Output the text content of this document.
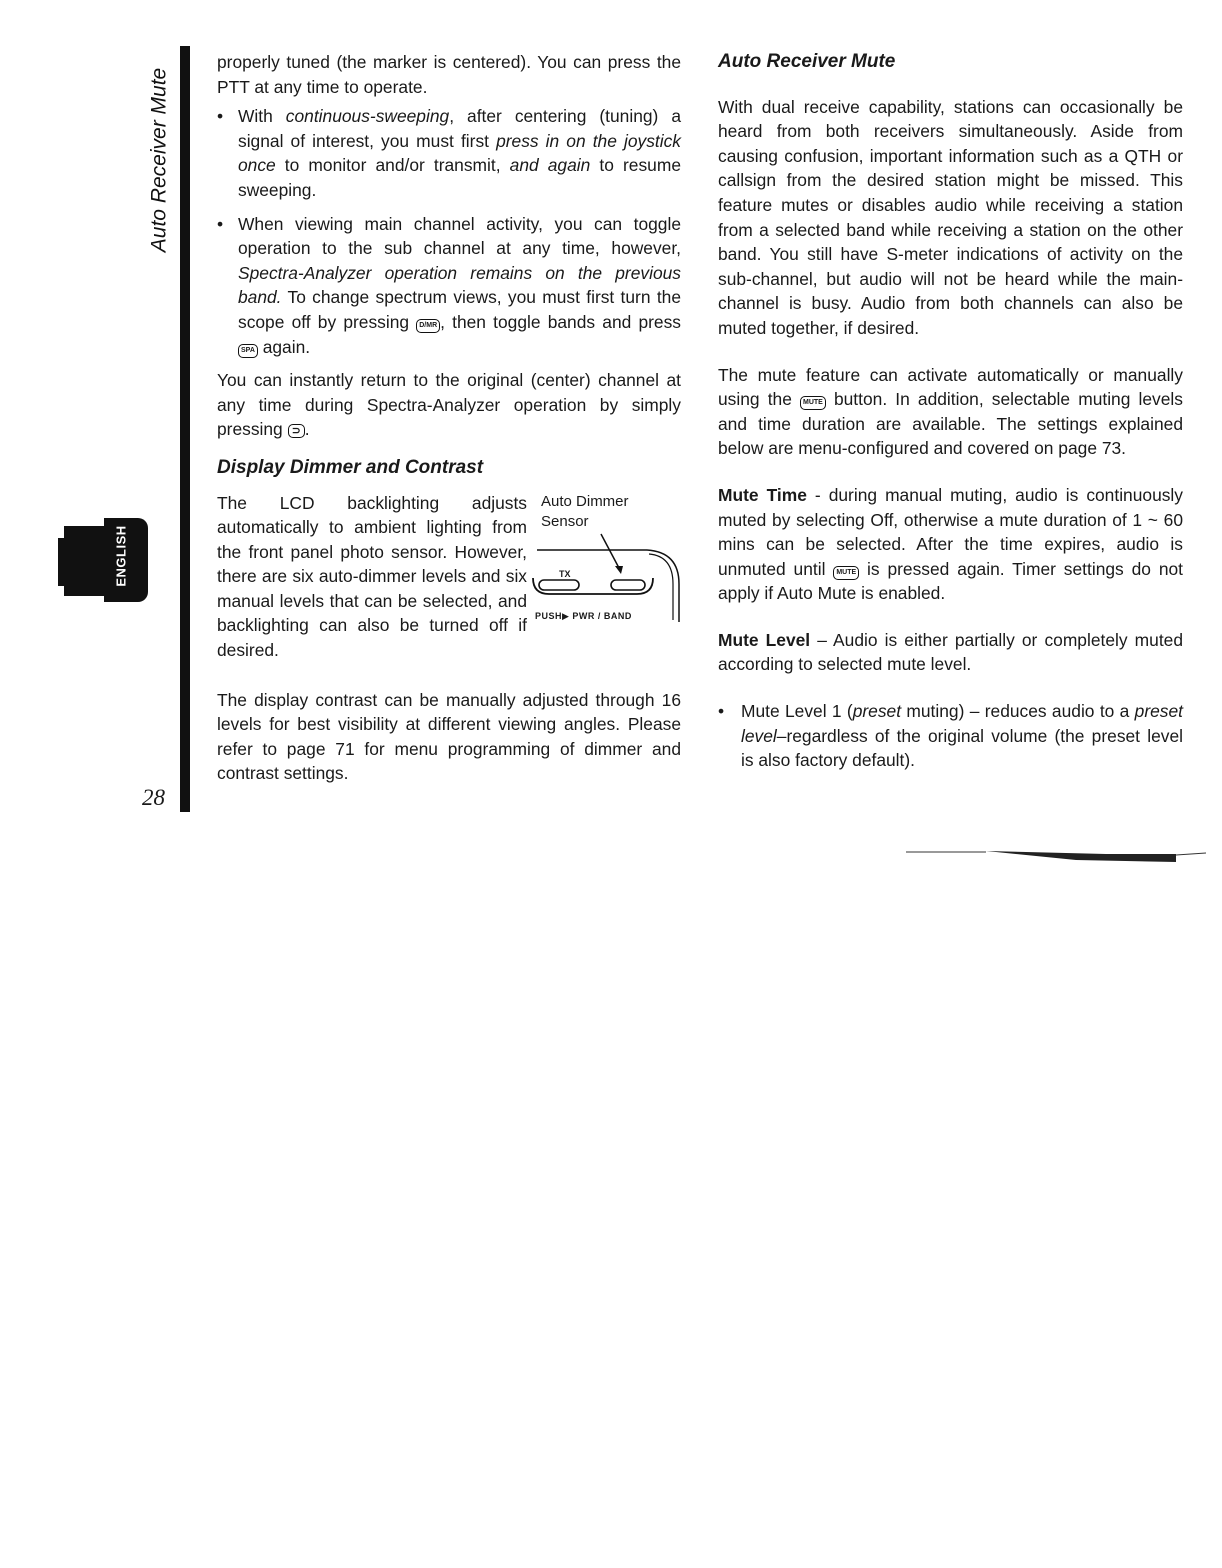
Auto Receiver Mute
28
ENGLISH

properly tuned (the marker is centered). You can press the PTT at any time to operate.

• With continuous-sweeping, after centering (tuning) a signal of interest, you must first press in on the joystick once to monitor and/or transmit, and again to resume sweeping.

• When viewing main channel activity, you can toggle operation to the sub channel at any time, however, Spectra-Analyzer operation remains on the previous band. To change spectrum views, you must first turn the scope off by pressing D/MR , then toggle bands and press SPA again.

You can instantly return to the original (center) channel at any time during Spectra-Analyzer operation by simply pressing ⊃ .

Display Dimmer and Contrast

The LCD backlighting adjusts automatically to ambient lighting from the front panel photo sensor. However, there are six auto-dimmer levels and six manual levels that can be selected, and backlighting can also be turned off if desired.

The display contrast can be manually adjusted through 16 levels for best visibility at different viewing angles. Please refer to page 71 for menu programming of dimmer and contrast settings.

Auto Dimmer
Sensor
TX
PUSH▶ PWR / BAND
Auto Receiver Mute

With dual receive capability, stations can occasionally be heard from both receivers simultaneously. Aside from causing confusion, important information such as a QTH or callsign from the desired station might be missed. This feature mutes or disables audio while receiving a station from a selected band while receiving a station on the other band. You still have S-meter indications of activity on the sub-channel, but audio will not be heard while the main-channel is busy. Audio from both channels can also be muted together, if desired.

The mute feature can activate automatically or manually using the MUTE button. In addition, selectable muting levels and time duration are available. The settings explained below are menu-configured and covered on page 73.

Mute Time - during manual muting, audio is continuously muted by selecting Off, otherwise a mute duration of 1 ~ 60 mins can be selected. After the time expires, audio is unmuted until MUTE is pressed again. Timer settings do not apply if Auto Mute is enabled.

Mute Level – Audio is either partially or completely muted according to selected mute level.

• Mute Level 1 (preset muting) – reduces audio to a preset level–regardless of the original volume (the preset level is also factory default).
